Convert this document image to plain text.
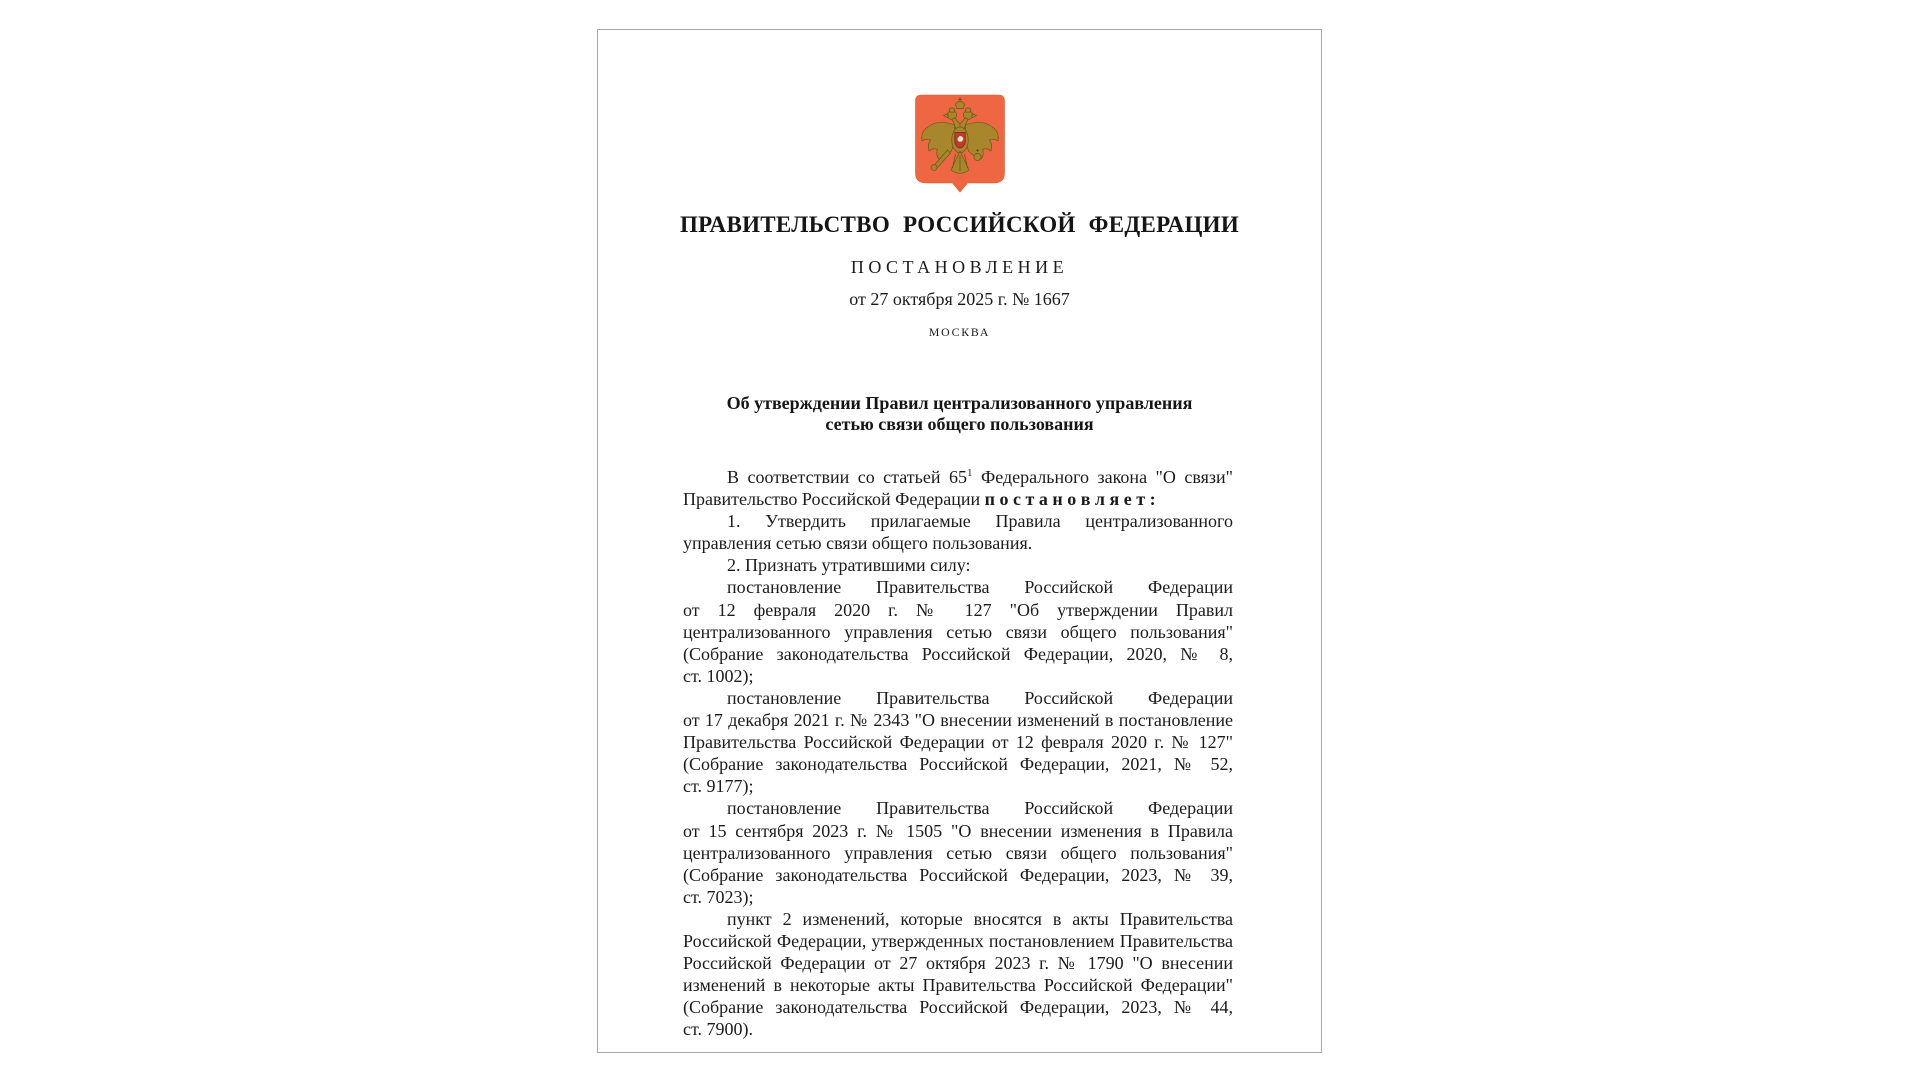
ПРАВИТЕЛЬСТВО РОССИЙСКОЙ ФЕДЕРАЦИИ
ПОСТАНОВЛЕНИЕ
от 27 октября 2025 г. № 1667
МОСКВА
Об утверждении Правил централизованного управления
сетью связи общего пользования

В соответствии со статьей $65^1$ Федерального закона "О связи" Правительство Российской Федерации п о с т а н о в л я е т :

1. Утвердить прилагаемые Правила централизованного управления сетью связи общего пользования.

2. Признать утратившими силу:

постановление Правительства Российской Федерации от 12 февраля 2020 г. № 127 "Об утверждении Правил централизованного управления сетью связи общего пользования" (Собрание законодательства Российской Федерации, 2020, № 8, ст. 1002);

постановление Правительства Российской Федерации от 17 декабря 2021 г. № 2343 "О внесении изменений в постановление Правительства Российской Федерации от 12 февраля 2020 г. № 127" (Собрание законодательства Российской Федерации, 2021, № 52, ст. 9177);

постановление Правительства Российской Федерации от 15 сентября 2023 г. № 1505 "О внесении изменения в Правила централизованного управления сетью связи общего пользования" (Собрание законодательства Российской Федерации, 2023, № 39, ст. 7023);

пункт 2 изменений, которые вносятся в акты Правительства Российской Федерации, утвержденных постановлением Правительства Российской Федерации от 27 октября 2023 г. № 1790 "О внесении изменений в некоторые акты Правительства Российской Федерации" (Собрание законодательства Российской Федерации, 2023, № 44, ст. 7900).
